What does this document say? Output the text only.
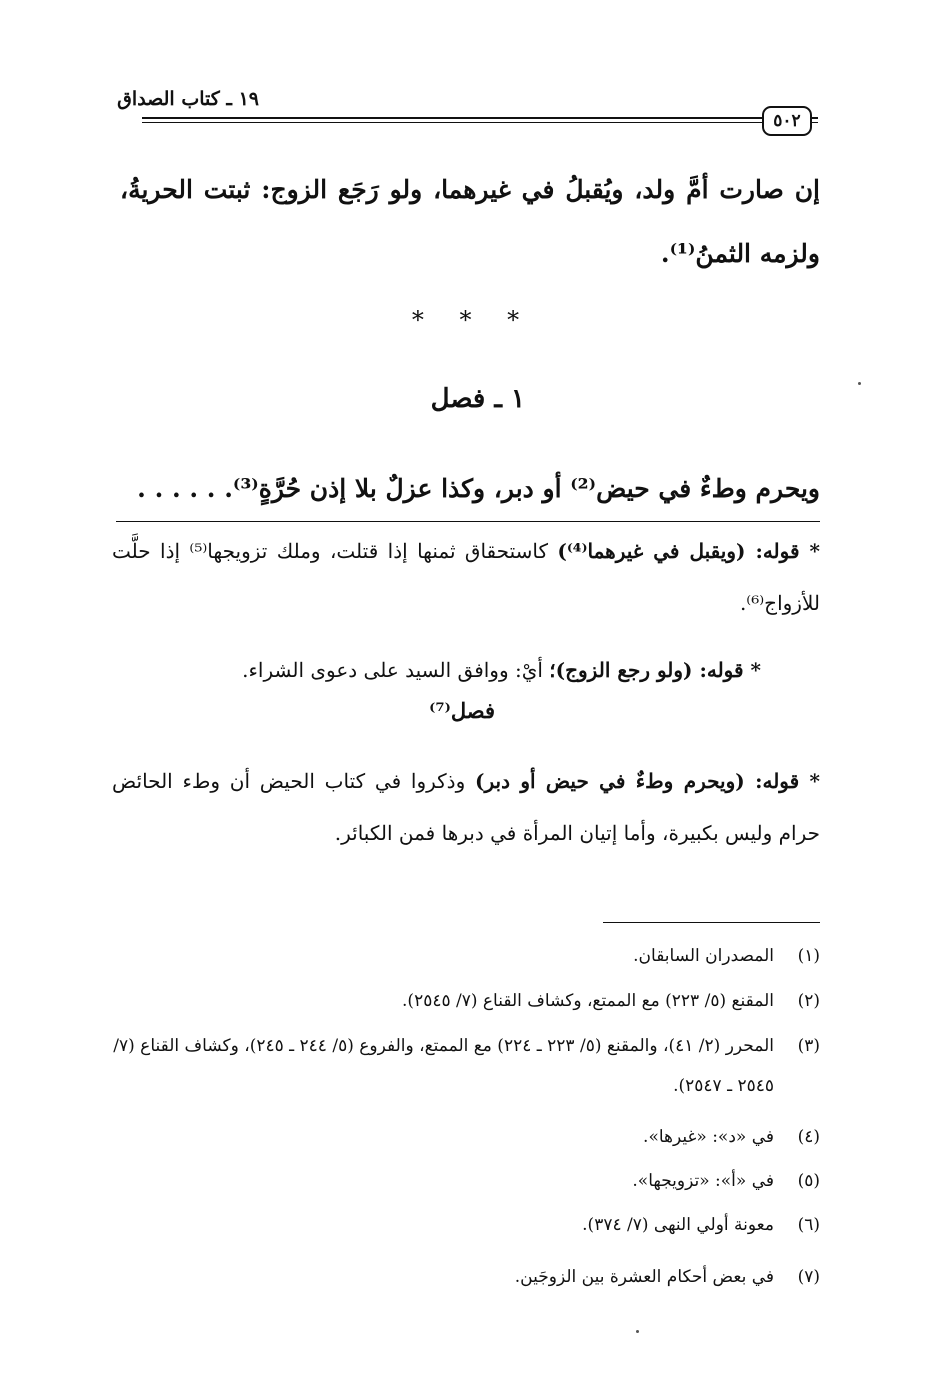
١٩ ـ كتاب الصداق
٥٠٢
إن صارت أمَّ ولد، ويُقبلُ في غيرهما، ولو رَجَع الزوج: ثبتت الحريةُ، ولزمه الثمنُ⁽¹⁾.
* * *
١ ـ فصل
ويحرم وطءٌ في حيض⁽²⁾ أو دبر، وكذا عزلٌ بلا إذن حُرَّةٍ⁽³⁾. . . . . .
* قوله: (ويقبل في غيرهما⁽⁴⁾) كاستحقاق ثمنها إذا قتلت، وملك تزويجها⁽⁵⁾ إذا حلَّت للأزواج⁽⁶⁾.
* قوله: (ولو رجع الزوج)؛ أيْ: ووافق السيد على دعوى الشراء.
فصل⁽⁷⁾
* قوله: (ويحرم وطءٌ في حيض أو دبر) وذكروا في كتاب الحيض أن وطء الحائض حرام وليس بكبيرة، وأما إتيان المرأة في دبرها فمن الكبائر.
(١)
المصدران السابقان.
(٢)
المقنع (٥/ ٢٢٣) مع الممتع، وكشاف القناع (٧/ ٢٥٤٥).
(٣)
المحرر (٢/ ٤١)، والمقنع (٥/ ٢٢٣ ـ ٢٢٤) مع الممتع، والفروع (٥/ ٢٤٤ ـ ٢٤٥)، وكشاف القناع (٧/ ٢٥٤٥ ـ ٢٥٤٧).
(٤)
في «د»: «غيرها».
(٥)
في «أ»: «تزويجها».
(٦)
معونة أولي النهى (٧/ ٣٧٤).
(٧)
في بعض أحكام العشرة بين الزوجَين.
